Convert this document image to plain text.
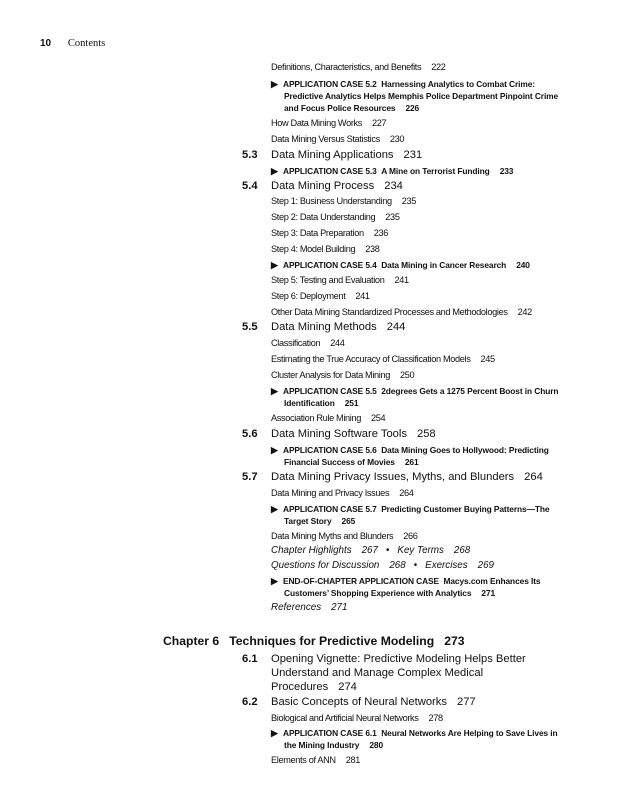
10 Contents
Definitions, Characteristics, and Benefits 222
▶ APPLICATION CASE 5.2 Harnessing Analytics to Combat Crime:
Predictive Analytics Helps Memphis Police Department Pinpoint Crime
and Focus Police Resources 226
How Data Mining Works 227
Data Mining Versus Statistics 230
5.3 Data Mining Applications 231
▶ APPLICATION CASE 5.3 A Mine on Terrorist Funding 233
5.4 Data Mining Process 234
Step 1: Business Understanding 235
Step 2: Data Understanding 235
Step 3: Data Preparation 236
Step 4: Model Building 238
▶ APPLICATION CASE 5.4 Data Mining in Cancer Research 240
Step 5: Testing and Evaluation 241
Step 6: Deployment 241
Other Data Mining Standardized Processes and Methodologies 242
5.5 Data Mining Methods 244
Classification 244
Estimating the True Accuracy of Classification Models 245
Cluster Analysis for Data Mining 250
▶ APPLICATION CASE 5.5 2degrees Gets a 1275 Percent Boost in Churn
Identification 251
Association Rule Mining 254
5.6 Data Mining Software Tools 258
▶ APPLICATION CASE 5.6 Data Mining Goes to Hollywood: Predicting
Financial Success of Movies 261
5.7 Data Mining Privacy Issues, Myths, and Blunders 264
Data Mining and Privacy Issues 264
▶ APPLICATION CASE 5.7 Predicting Customer Buying Patterns—The
Target Story 265
Data Mining Myths and Blunders 266
Chapter Highlights 267 • Key Terms 268
Questions for Discussion 268 • Exercises 269
▶ END-OF-CHAPTER APPLICATION CASE Macys.com Enhances Its
Customers’ Shopping Experience with Analytics 271
References 271
Chapter 6 Techniques for Predictive Modeling 273
6.1 Opening Vignette: Predictive Modeling Helps Better
Understand and Manage Complex Medical
Procedures 274
6.2 Basic Concepts of Neural Networks 277
Biological and Artificial Neural Networks 278
▶ APPLICATION CASE 6.1 Neural Networks Are Helping to Save Lives in
the Mining Industry 280
Elements of ANN 281
